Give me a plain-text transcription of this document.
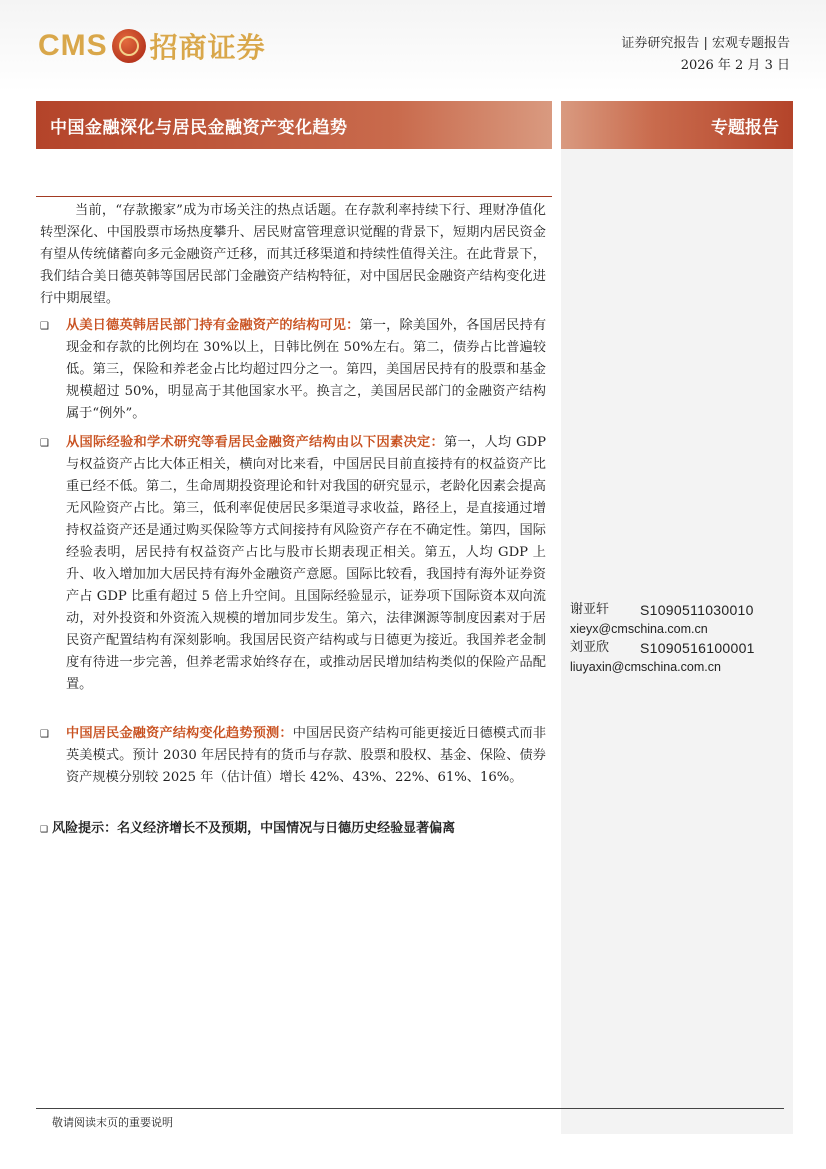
CMS 招商证券	证券研究报告 | 宏观专题报告
2026 年 2 月 3 日
中国金融深化与居民金融资产变化趋势	专题报告
当前，“存款搬家”成为市场关注的热点话题。在存款利率持续下行、理财净值化转型深化、中国股票市场热度攀升、居民财富管理意识觉醒的背景下，短期内居民资金有望从传统储蓄向多元金融资产迁移，而其迁移渠道和持续性值得关注。在此背景下，我们结合美日德英韩等国居民部门金融资产结构特征，对中国居民金融资产结构变化进行中期展望。
❑	从美日德英韩居民部门持有金融资产的结构可见：第一，除美国外，各国居民持有现金和存款的比例均在 30%以上，日韩比例在 50%左右。第二，债券占比普遍较低。第三，保险和养老金占比均超过四分之一。第四，美国居民持有的股票和基金规模超过 50%，明显高于其他国家水平。换言之，美国居民部门的金融资产结构属于“例外”。
❑	从国际经验和学术研究等看居民金融资产结构由以下因素决定：第一，人均 GDP 与权益资产占比大体正相关，横向对比来看，中国居民目前直接持有的权益资产比重已经不低。第二，生命周期投资理论和针对我国的研究显示，老龄化因素会提高无风险资产占比。第三，低利率促使居民多渠道寻求收益，路径上，是直接通过增持权益资产还是通过购买保险等方式间接持有风险资产存在不确定性。第四，国际经验表明，居民持有权益资产占比与股市长期表现正相关。第五，人均 GDP 上升、收入增加加大居民持有海外金融资产意愿。国际比较看，我国持有海外证券资产占 GDP 比重有超过 5 倍上升空间。且国际经验显示，证券项下国际资本双向流动，对外投资和外资流入规模的增加同步发生。第六，法律渊源等制度因素对于居民资产配置结构有深刻影响。我国居民资产结构或与日德更为接近。我国养老金制度有待进一步完善，但养老需求始终存在，或推动居民增加结构类似的保险产品配置。
❑	中国居民金融资产结构变化趋势预测：中国居民资产结构可能更接近日德模式而非英美模式。预计 2030 年居民持有的货币与存款、股票和股权、基金、保险、债券资产规模分别较 2025 年（估计值）增长 42%、43%、22%、61%、16%。
❑ 风险提示：名义经济增长不及预期，中国情况与日德历史经验显著偏离
谢亚轩 S1090511030010
xieyx@cmschina.com.cn
刘亚欣 S1090516100001
liuyaxin@cmschina.com.cn
敬请阅读末页的重要说明
